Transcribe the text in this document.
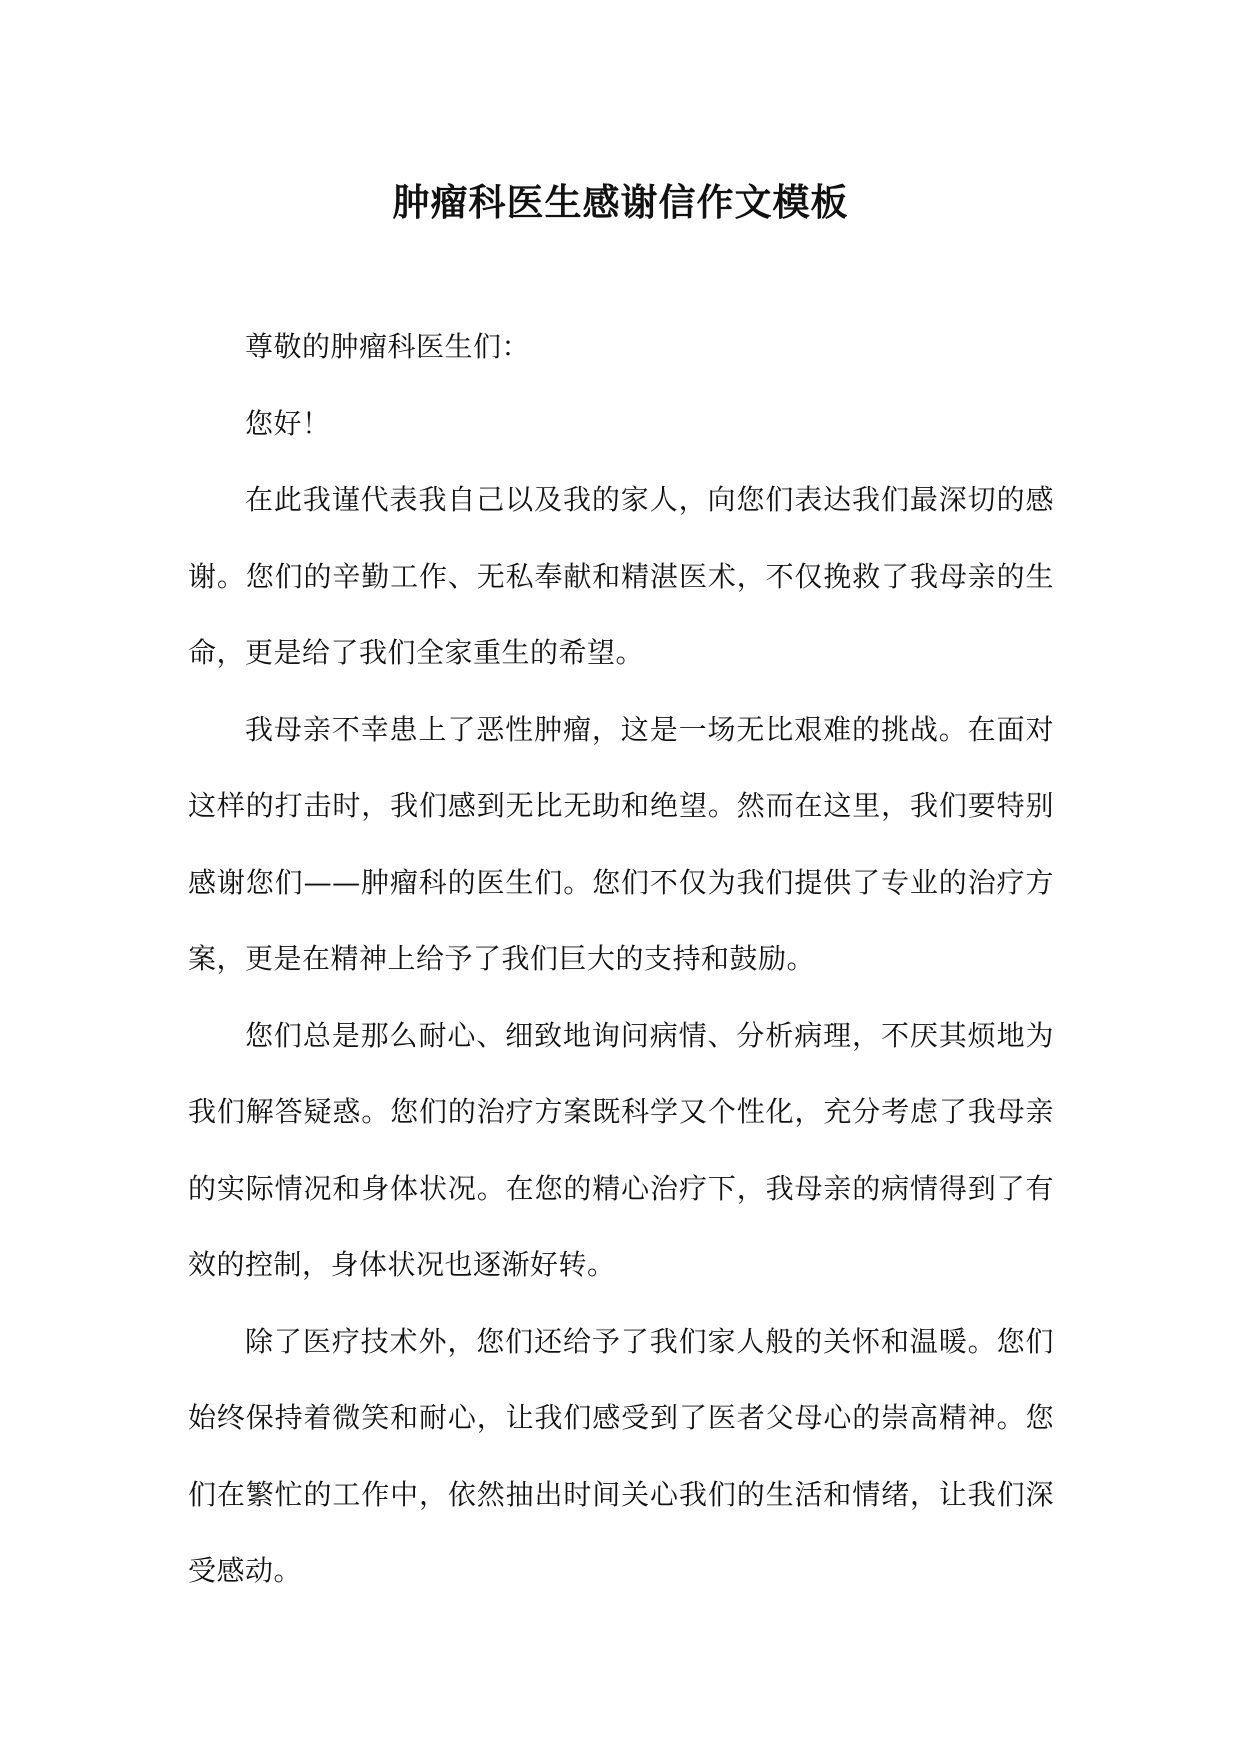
肿瘤科医生感谢信作文模板

尊敬的肿瘤科医生们：

您好！

在此我谨代表我自己以及我的家人，向您们表达我们最深切的感谢。您们的辛勤工作、无私奉献和精湛医术，不仅挽救了我母亲的生命，更是给了我们全家重生的希望。

我母亲不幸患上了恶性肿瘤，这是一场无比艰难的挑战。在面对这样的打击时，我们感到无比无助和绝望。然而在这里，我们要特别感谢您们——肿瘤科的医生们。您们不仅为我们提供了专业的治疗方案，更是在精神上给予了我们巨大的支持和鼓励。

您们总是那么耐心、细致地询问病情、分析病理，不厌其烦地为我们解答疑惑。您们的治疗方案既科学又个性化，充分考虑了我母亲的实际情况和身体状况。在您的精心治疗下，我母亲的病情得到了有效的控制，身体状况也逐渐好转。

除了医疗技术外，您们还给予了我们家人般的关怀和温暖。您们始终保持着微笑和耐心，让我们感受到了医者父母心的崇高精神。您们在繁忙的工作中，依然抽出时间关心我们的生活和情绪，让我们深受感动。
